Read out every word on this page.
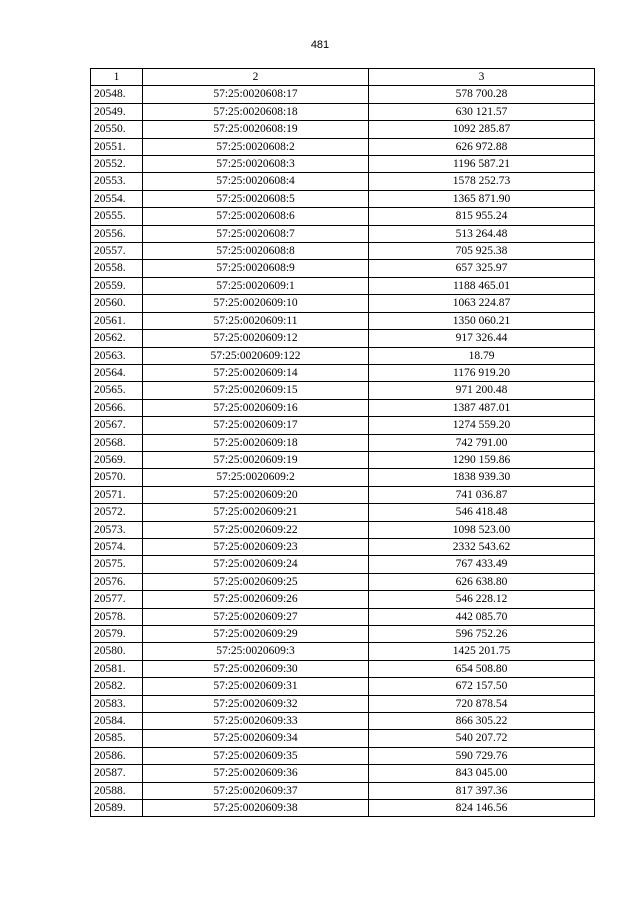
481
1	2	3
20548.	57:25:0020608:17	578 700.28
20549.	57:25:0020608:18	630 121.57
20550.	57:25:0020608:19	1092 285.87
20551.	57:25:0020608:2	626 972.88
20552.	57:25:0020608:3	1196 587.21
20553.	57:25:0020608:4	1578 252.73
20554.	57:25:0020608:5	1365 871.90
20555.	57:25:0020608:6	815 955.24
20556.	57:25:0020608:7	513 264.48
20557.	57:25:0020608:8	705 925.38
20558.	57:25:0020608:9	657 325.97
20559.	57:25:0020609:1	1188 465.01
20560.	57:25:0020609:10	1063 224.87
20561.	57:25:0020609:11	1350 060.21
20562.	57:25:0020609:12	917 326.44
20563.	57:25:0020609:122	18.79
20564.	57:25:0020609:14	1176 919.20
20565.	57:25:0020609:15	971 200.48
20566.	57:25:0020609:16	1387 487.01
20567.	57:25:0020609:17	1274 559.20
20568.	57:25:0020609:18	742 791.00
20569.	57:25:0020609:19	1290 159.86
20570.	57:25:0020609:2	1838 939.30
20571.	57:25:0020609:20	741 036.87
20572.	57:25:0020609:21	546 418.48
20573.	57:25:0020609:22	1098 523.00
20574.	57:25:0020609:23	2332 543.62
20575.	57:25:0020609:24	767 433.49
20576.	57:25:0020609:25	626 638.80
20577.	57:25:0020609:26	546 228.12
20578.	57:25:0020609:27	442 085.70
20579.	57:25:0020609:29	596 752.26
20580.	57:25:0020609:3	1425 201.75
20581.	57:25:0020609:30	654 508.80
20582.	57:25:0020609:31	672 157.50
20583.	57:25:0020609:32	720 878.54
20584.	57:25:0020609:33	866 305.22
20585.	57:25:0020609:34	540 207.72
20586.	57:25:0020609:35	590 729.76
20587.	57:25:0020609:36	843 045.00
20588.	57:25:0020609:37	817 397.36
20589.	57:25:0020609:38	824 146.56
